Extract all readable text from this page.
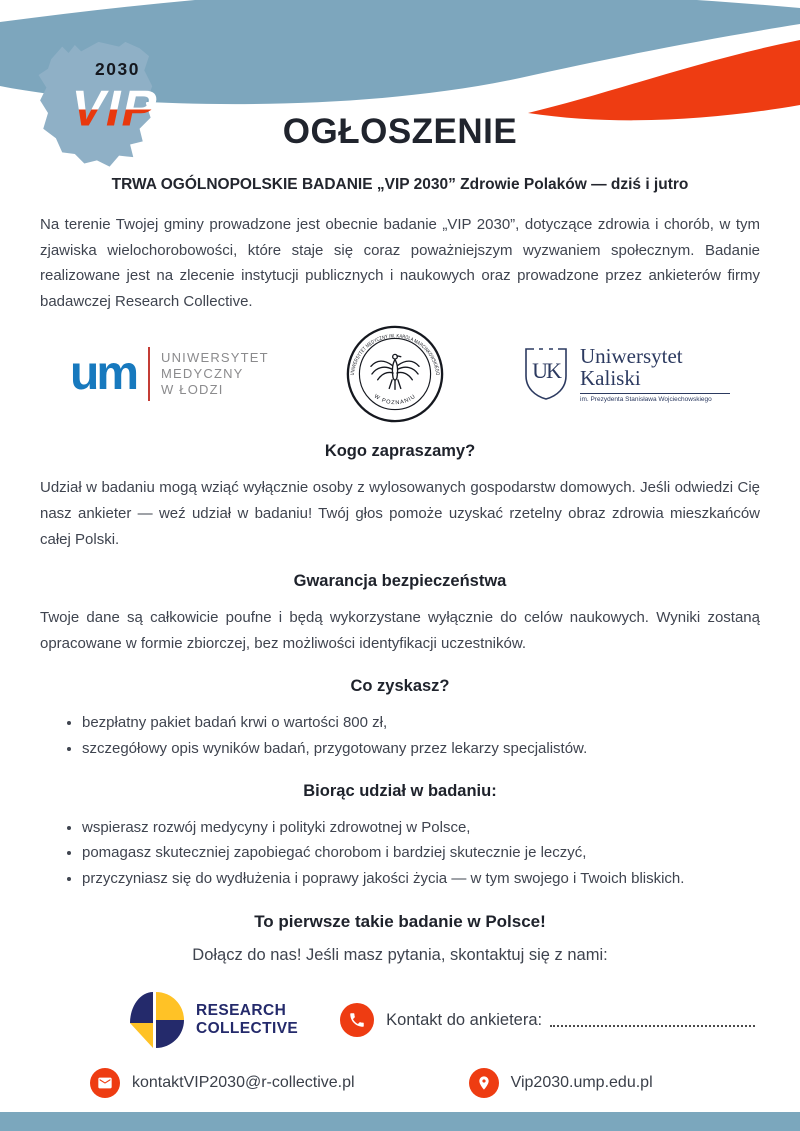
2030
VIP	OGŁOSZENIE

TRWA OGÓLNOPOLSKIE BADANIE „VIP 2030” Zdrowie Polaków — dziś i jutro

Na terenie Twojej gminy prowadzone jest obecnie badanie „VIP 2030”, dotyczące zdrowia i chorób, w tym zjawiska wielochorobowości, które staje się coraz poważniejszym wyzwaniem społecznym. Badanie realizowane jest na zlecenie instytucji publicznych i naukowych oraz prowadzone przez ankieterów firmy badawczej Research Collective.

um UNIWERSYTET
MEDYCZNY
W ŁODZI
UNIWERSYTET MEDYCZNY IM. KAROLA MARCINKOWSKIEGO
W POZNANIU
UK
Uniwersytet
Kaliski
im. Prezydenta Stanisława Wojciechowskiego
Kogo zapraszamy?

Udział w badaniu mogą wziąć wyłącznie osoby z wylosowanych gospodarstw domowych. Jeśli odwiedzi Cię nasz ankieter — weź udział w badaniu! Twój głos pomoże uzyskać rzetelny obraz zdrowia mieszkańców całej Polski.

Gwarancja bezpieczeństwa

Twoje dane są całkowicie poufne i będą wykorzystane wyłącznie do celów naukowych. Wyniki zostaną opracowane w formie zbiorczej, bez możliwości identyfikacji uczestników.

Co zyskasz?
• bezpłatny pakiet badań krwi o wartości 800 zł,
• szczegółowy opis wyników badań, przygotowany przez lekarzy specjalistów.
Biorąc udział w badaniu:
• wspierasz rozwój medycyny i polityki zdrowotnej w Polsce,
• pomagasz skuteczniej zapobiegać chorobom i bardziej skutecznie je leczyć,
• przyczyniasz się do wydłużenia i poprawy jakości życia — w tym swojego i Twoich bliskich.
To pierwsze takie badanie w Polsce!

Dołącz do nas! Jeśli masz pytania, skontaktuj się z nami:

RESEARCH
COLLECTIVE	Kontakt do ankietera:
kontaktVIP2030@r-collective.pl	Vip2030.ump.edu.pl
